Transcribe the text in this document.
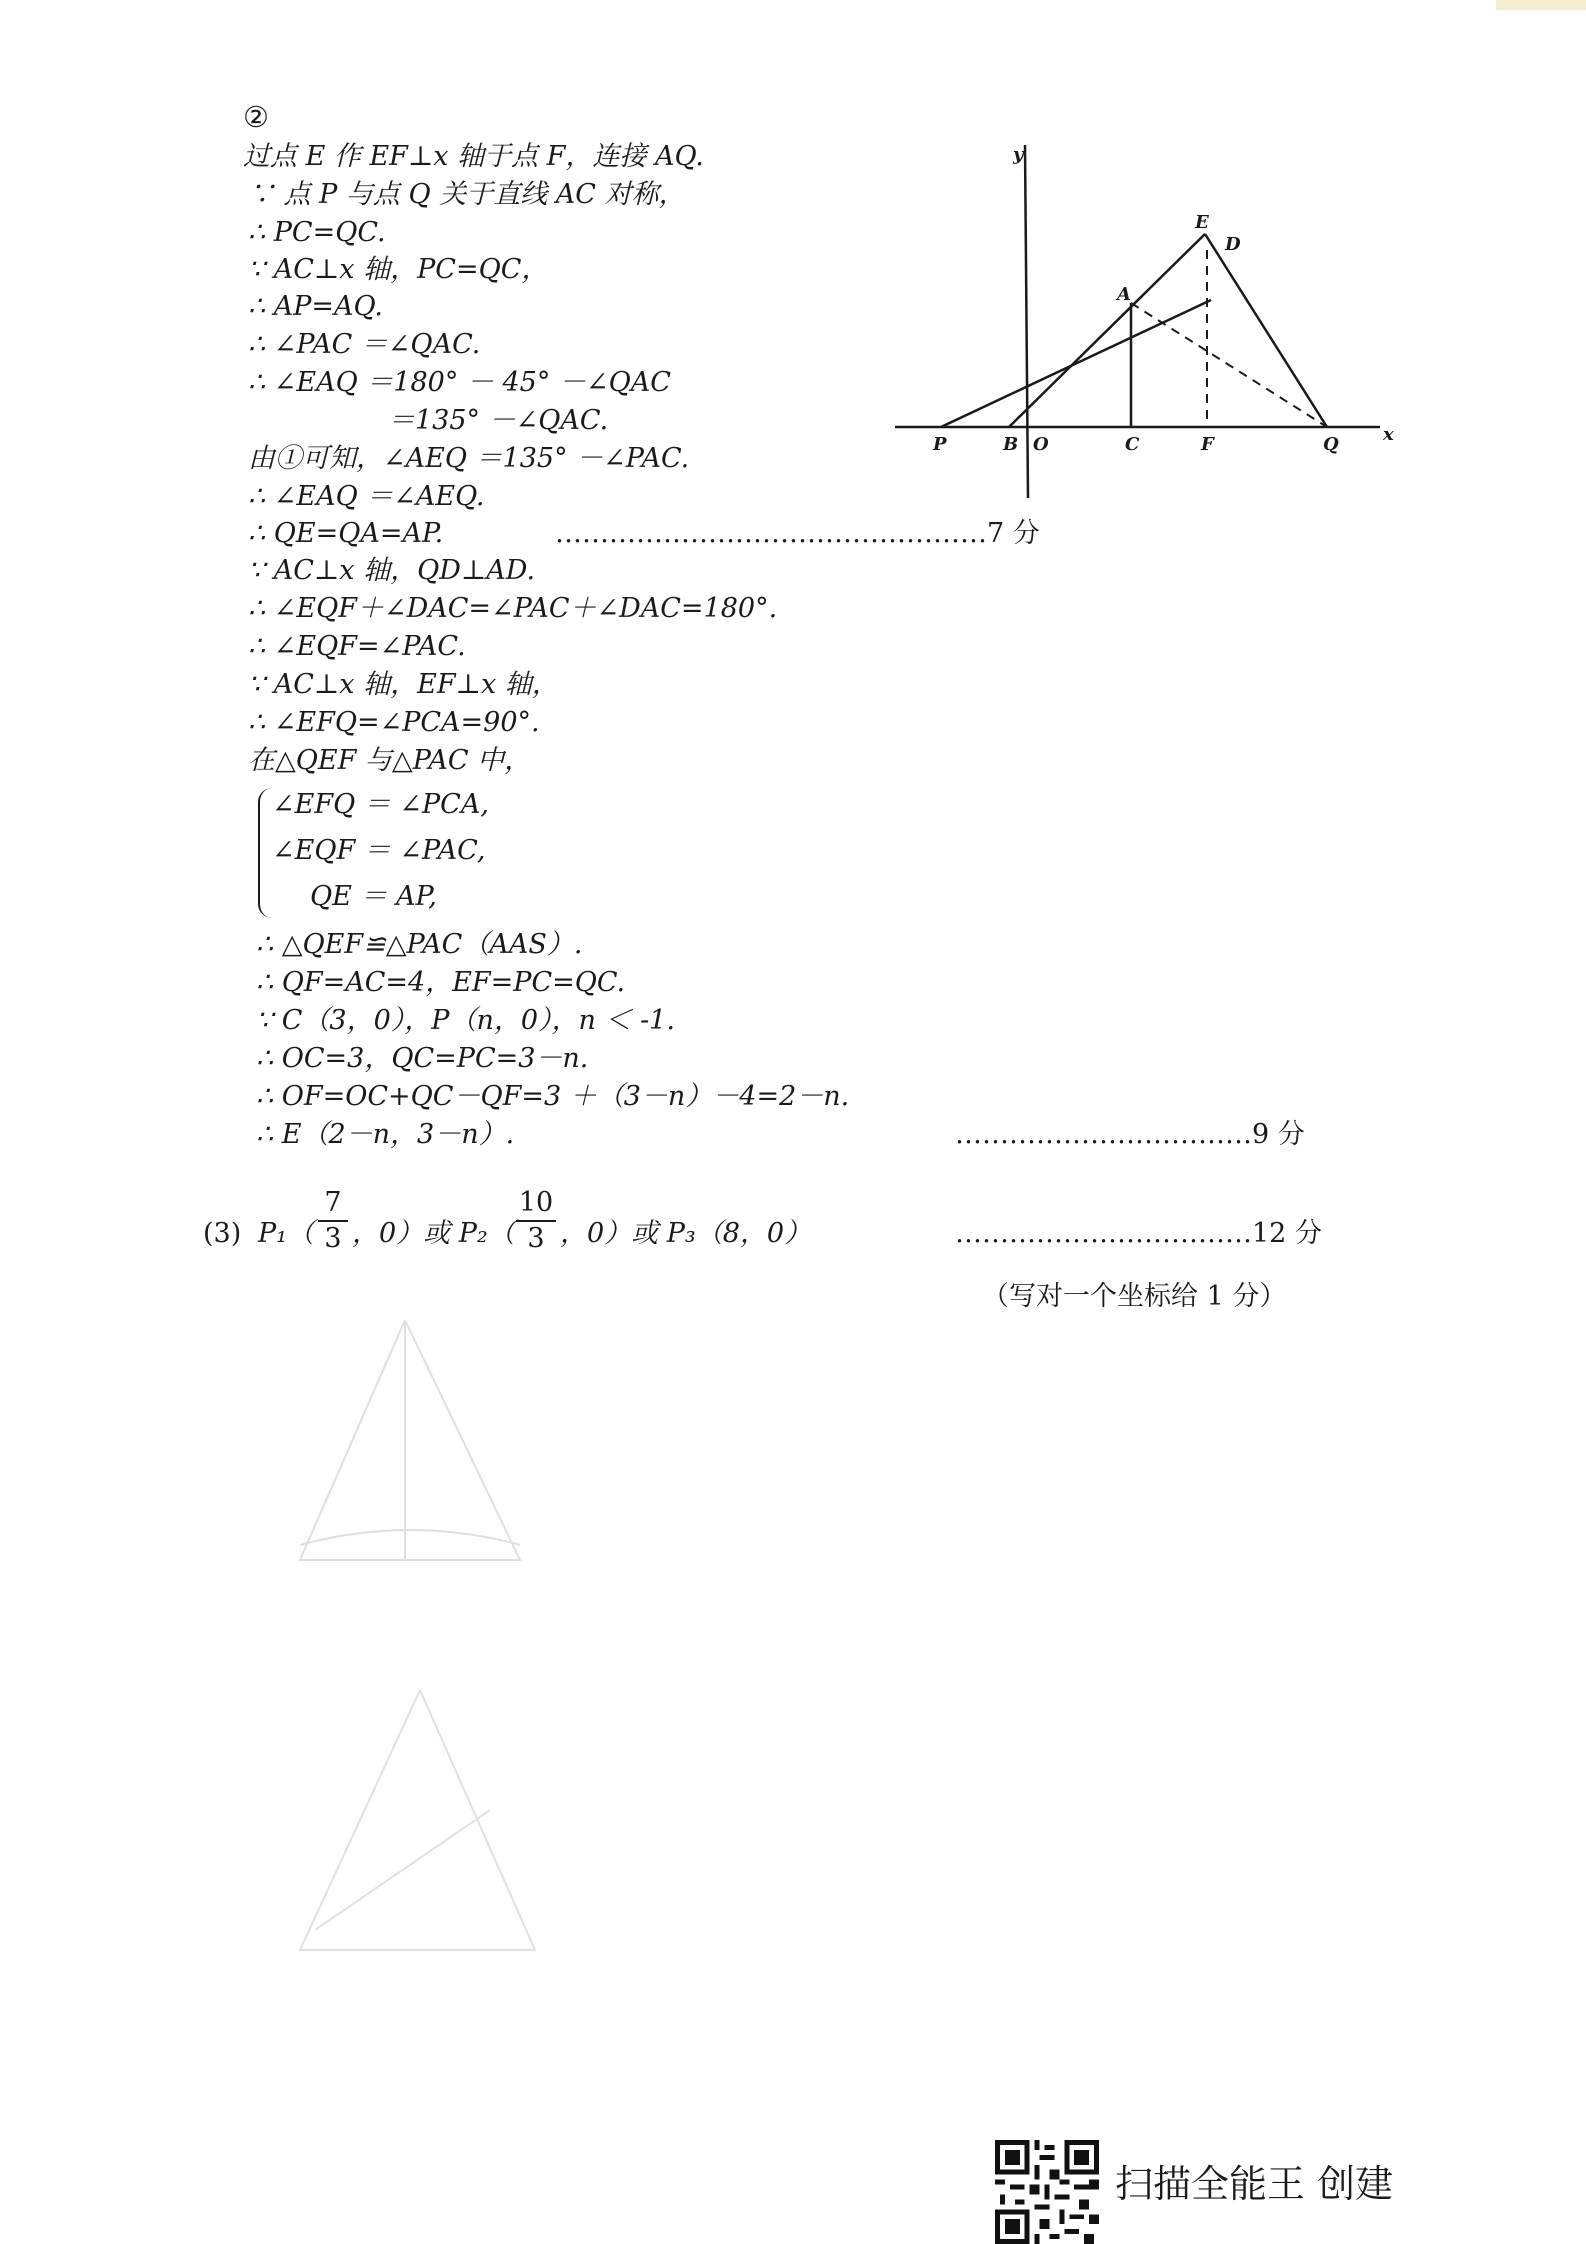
②
过点 E 作 EF⊥x 轴于点 F，连接 AQ.
∵ 点 P 与点 Q 关于直线 AC 对称，
∴ PC=QC.
∵ AC⊥x 轴，PC=QC，
∴ AP=AQ.
∴ ∠PAC ＝∠QAC.
∴ ∠EAQ ＝180° － 45° －∠QAC
＝135° －∠QAC.
由①可知，∠AEQ ＝135° －∠PAC.
∴ ∠EAQ ＝∠AEQ.
∴ QE=QA=AP.	…………………………………………7 分
∵ AC⊥x 轴，QD⊥AD.
∴ ∠EQF＋∠DAC=∠PAC＋∠DAC=180°.
∴ ∠EQF=∠PAC.
∵ AC⊥x 轴，EF⊥x 轴，
∴ ∠EFQ=∠PCA=90°.
在△QEF 与△PAC 中，
∠EFQ ＝ ∠PCA,
∠EQF ＝ ∠PAC,
QE ＝ AP,
∴ △QEF≌△PAC（AAS）.
∴ QF=AC=4，EF=PC=QC.
∵ C（3，0），P（n，0），n ＜ -1.
∴ OC=3，QC=PC=3－n.
∴ OF=OC+QC－QF=3 ＋（3－n）－4=2－n.
∴ E（2－n，3－n）.	……………………………9 分
(3) P₁（
7
3 ，0）或 P₂（
10
3 ，0）或 P₃（8，0）	……………………………12 分
（写对一个坐标给 1 分）
y
x
E
D
A
P	B O	C	F	Q
扫描全能王 创建
